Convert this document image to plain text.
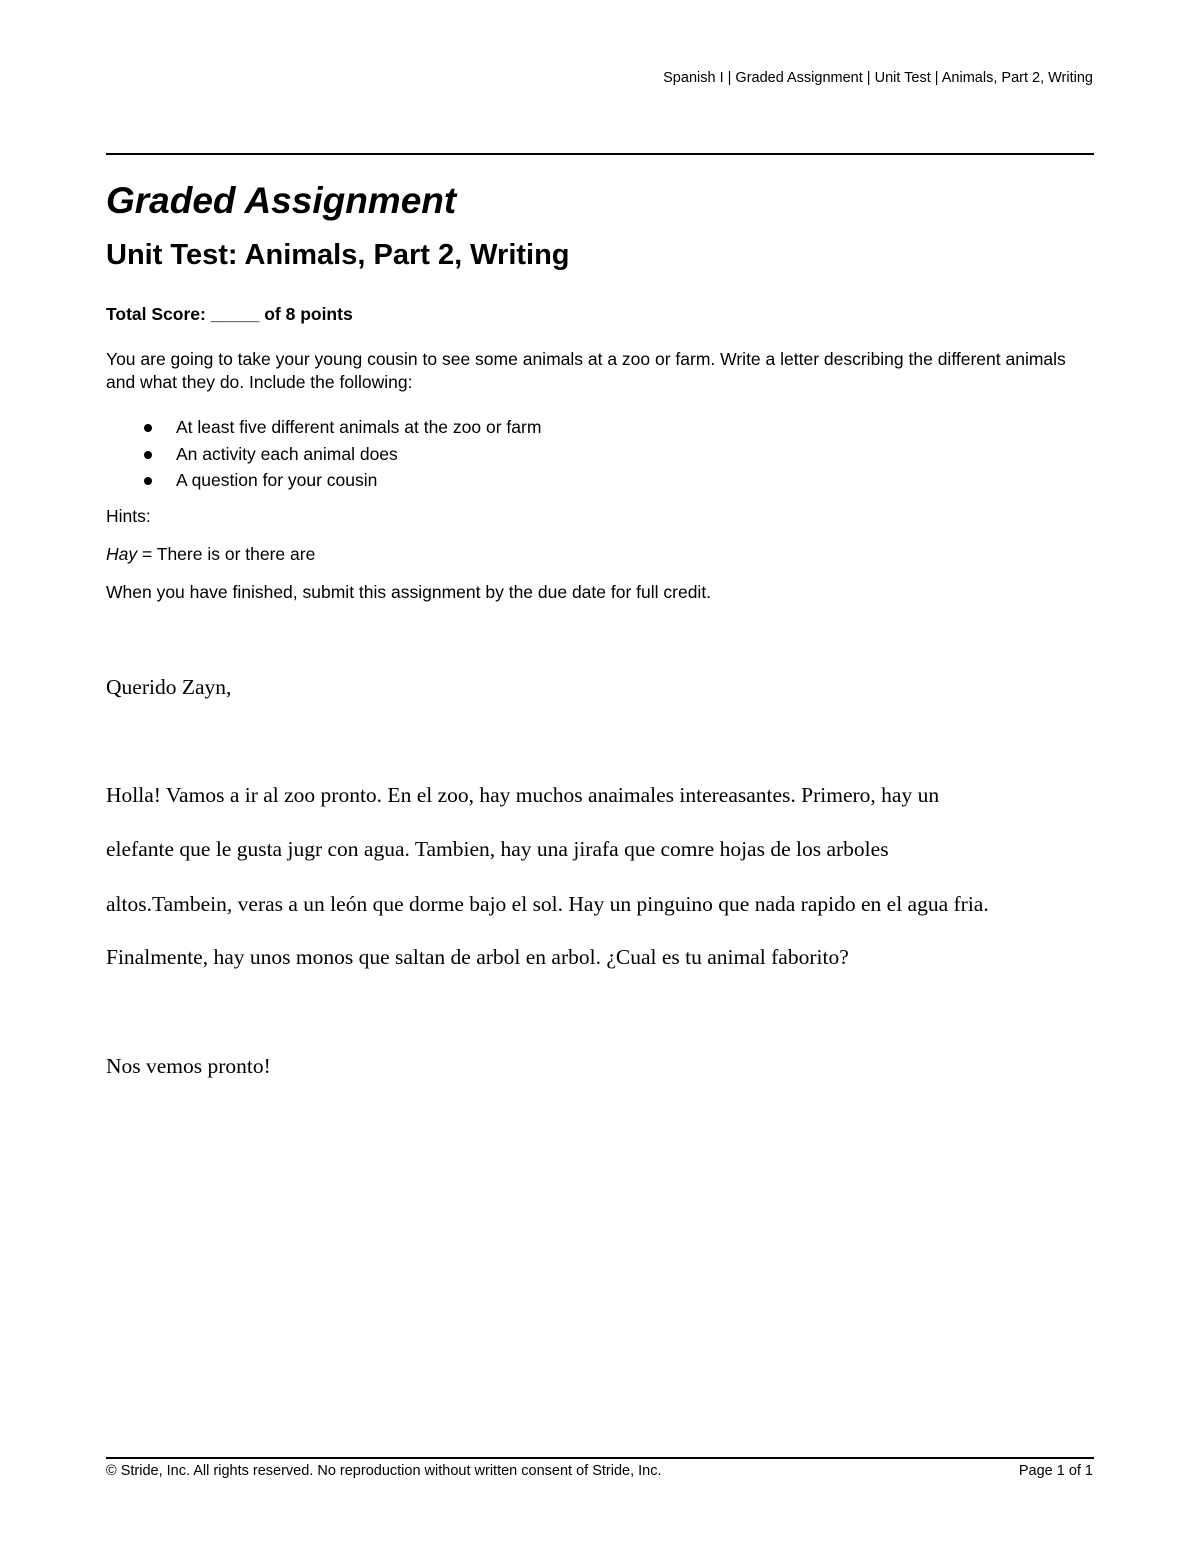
Spanish I | Graded Assignment | Unit Test | Animals, Part 2, Writing
Graded Assignment
Unit Test: Animals, Part 2, Writing
Total Score: _____ of 8 points
You are going to take your young cousin to see some animals at a zoo or farm. Write a letter describing the different animals and what they do. Include the following:
At least five different animals at the zoo or farm
An activity each animal does
A question for your cousin
Hints:
Hay = There is or there are
When you have finished, submit this assignment by the due date for full credit.
Querido Zayn,
Holla! Vamos a ir al zoo pronto. En el zoo, hay muchos anaimales intereasantes. Primero, hay un
elefante que le gusta jugr con agua. Tambien, hay una jirafa que comre hojas de los arboles
altos.Tambein, veras a un león que dorme bajo el sol. Hay un pinguino que nada rapido en el agua fria.
Finalmente, hay unos monos que saltan de arbol en arbol. ¿Cual es tu animal faborito?
Nos vemos pronto!
© Stride, Inc. All rights reserved. No reproduction without written consent of Stride, Inc.	Page 1 of 1
